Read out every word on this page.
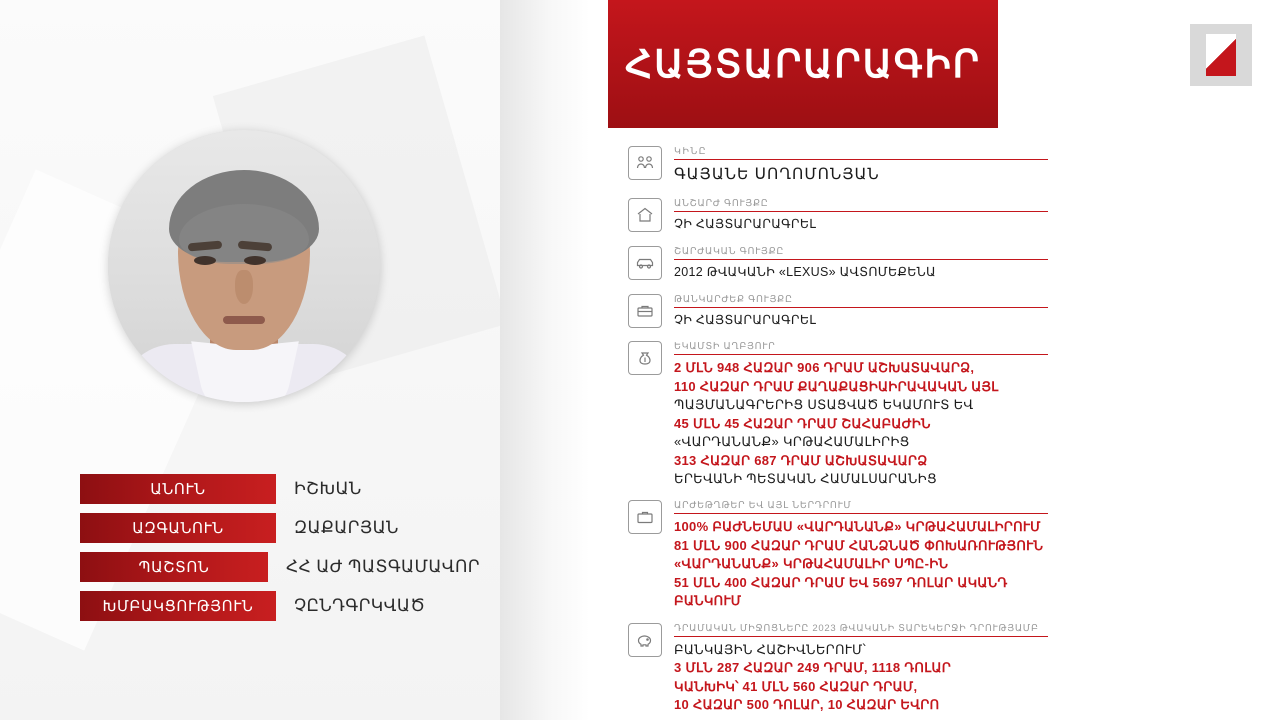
ԱՆՈՒՆ	ԻՇԽԱՆ
ԱԶԳԱՆՈՒՆ	ԶԱՔԱՐՅԱՆ
ՊԱՇՏՈՆ	ՀՀ ԱԺ ՊԱՏԳԱՄԱՎՈՐ
ԽՄԲԱԿՑՈՒԹՅՈՒՆ	ՉԸՆԴԳՐԿՎԱԾ
ՀԱՅՏԱՐԱՐԱԳԻՐ
ԿԻՆԸ
ԳԱՅԱՆԵ ՍՈՂՈՄՈՆՅԱՆ
ԱՆՇԱՐԺ ԳՈՒՅՔԸ
ՉԻ ՀԱՅՏԱՐԱՐԱԳՐԵԼ
ՇԱՐԺԱԿԱՆ ԳՈՒՅՔԸ
2012 ԹՎԱԿԱՆԻ «LEXUS» ԱՎՏՈՄԵՔԵՆԱ
ԹԱՆԿԱՐԺԵՔ ԳՈՒՅՔԸ
ՉԻ ՀԱՅՏԱՐԱՐԱԳՐԵԼ
ԵԿԱՄՏԻ ԱՂԲՅՈՒՐ
2 ՄԼՆ 948 ՀԱԶԱՐ 906 ԴՐԱՄ ԱՇԽԱՏԱՎԱՐՁ,
110 ՀԱԶԱՐ ԴՐԱՄ ՔԱՂԱՔԱՑԻԱԻՐԱՎԱԿԱՆ ԱՅԼ
ՊԱՅՄԱՆԱԳՐԵՐԻՑ ՍՏԱՑՎԱԾ ԵԿԱՄՈՒՏ ԵՎ
45 ՄԼՆ 45 ՀԱԶԱՐ ԴՐԱՄ ՇԱՀԱԲԱԺԻՆ
«ՎԱՐԴԱՆԱՆՔ» ԿՐԹԱՀԱՄԱԼԻՐԻՑ
313 ՀԱԶԱՐ 687 ԴՐԱՄ ԱՇԽԱՏԱՎԱՐՁ
ԵՐԵՎԱՆԻ ՊԵՏԱԿԱՆ ՀԱՄԱԼՍԱՐԱՆԻՑ
ԱՐԺԵԹՂԹԵՐ ԵՎ ԱՅԼ ՆԵՐԴՐՈՒՄ
100% ԲԱԺՆԵՄԱՍ «ՎԱՐԴԱՆԱՆՔ» ԿՐԹԱՀԱՄԱԼԻՐՈՒՄ
81 ՄԼՆ 900 ՀԱԶԱՐ ԴՐԱՄ ՀԱՆՁՆԱԾ ՓՈԽԱՌՈՒԹՅՈՒՆ
«ՎԱՐԴԱՆԱՆՔ» ԿՐԹԱՀԱՄԱԼԻՐ ՍՊԸ-ԻՆ
51 ՄԼՆ 400 ՀԱԶԱՐ ԴՐԱՄ ԵՎ 5697 ԴՈԼԱՐ ԱԿԱՆԴ ԲԱՆԿՈՒՄ
ԴՐԱՄԱԿԱՆ ՄԻՋՈՑՆԵՐԸ 2023 ԹՎԱԿԱՆԻ ՏԱՐԵԿԵՐՋԻ ԴՐՈՒԹՅԱՄԲ
ԲԱՆԿԱՅԻՆ ՀԱՇԻՎՆԵՐՈՒՄ՝
3 ՄԼՆ 287 ՀԱԶԱՐ 249 ԴՐԱՄ, 1118 ԴՈԼԱՐ
ԿԱՆԽԻԿ՝ 41 ՄԼՆ 560 ՀԱԶԱՐ ԴՐԱՄ,
10 ՀԱԶԱՐ 500 ԴՈԼԱՐ, 10 ՀԱԶԱՐ ԵՎՐՈ
